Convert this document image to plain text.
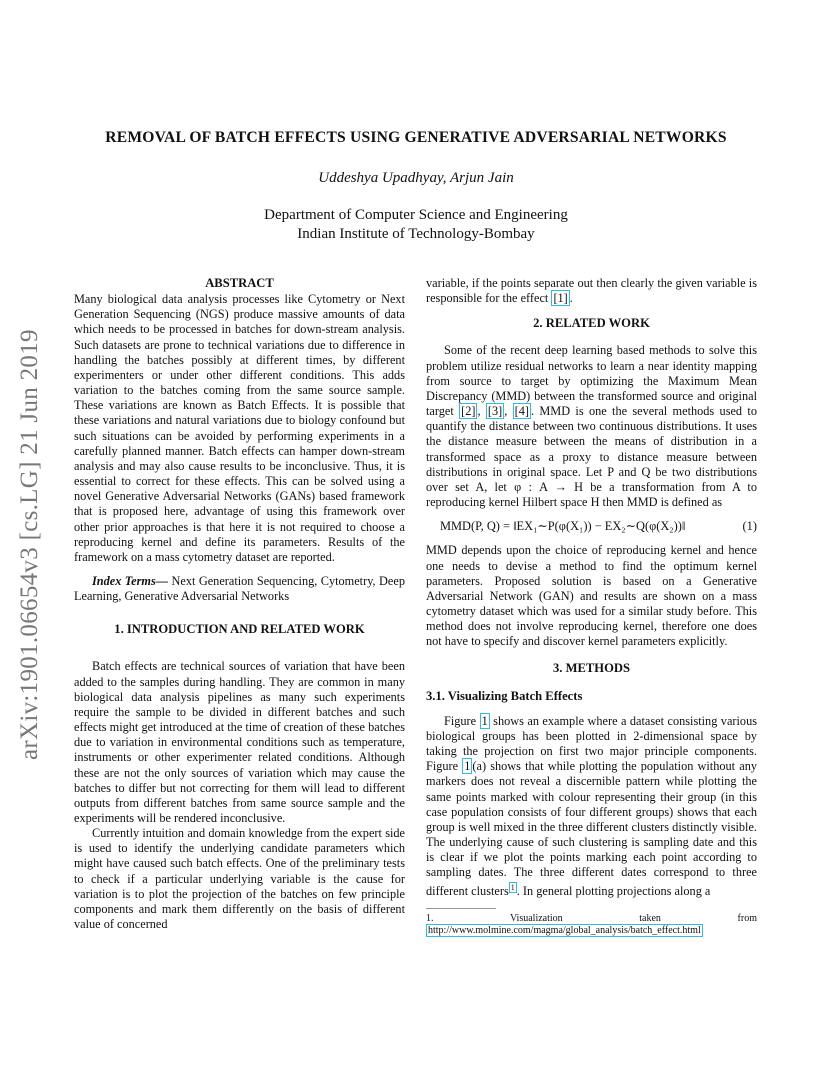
arXiv:1901.06654v3 [cs.LG] 21 Jun 2019
REMOVAL OF BATCH EFFECTS USING GENERATIVE ADVERSARIAL NETWORKS
Uddeshya Upadhyay, Arjun Jain
Department of Computer Science and Engineering
Indian Institute of Technology-Bombay
ABSTRACT

Many biological data analysis processes like Cytometry or Next Generation Sequencing (NGS) produce massive amounts of data which needs to be processed in batches for down-stream analysis. Such datasets are prone to technical variations due to difference in handling the batches possibly at different times, by different experimenters or under other different conditions. This adds variation to the batches coming from the same source sample. These variations are known as Batch Effects. It is possible that these variations and natural variations due to biology confound but such situations can be avoided by performing experiments in a carefully planned manner. Batch effects can hamper down-stream analysis and may also cause results to be inconclusive. Thus, it is essential to correct for these effects. This can be solved using a novel Generative Adversarial Networks (GANs) based framework that is proposed here, advantage of using this framework over other prior approaches is that here it is not required to choose a reproducing kernel and define its parameters. Results of the framework on a mass cytometry dataset are reported.

Index Terms— Next Generation Sequencing, Cytometry, Deep Learning, Generative Adversarial Networks

1. INTRODUCTION AND RELATED WORK

Batch effects are technical sources of variation that have been added to the samples during handling. They are common in many biological data analysis pipelines as many such experiments require the sample to be divided in different batches and such effects might get introduced at the time of creation of these batches due to variation in environmental conditions such as temperature, instruments or other experimenter related conditions. Although these are not the only sources of variation which may cause the batches to differ but not correcting for them will lead to different outputs from different batches from same source sample and the experiments will be rendered inconclusive.

Currently intuition and domain knowledge from the expert side is used to identify the underlying candidate parameters which might have caused such batch effects. One of the preliminary tests to check if a particular underlying variable is the cause for variation is to plot the projection of the batches on few principle components and mark them differently on the basis of different value of concerned

variable, if the points separate out then clearly the given variable is responsible for the effect [1] .

2. RELATED WORK

Some of the recent deep learning based methods to solve this problem utilize residual networks to learn a near identity mapping from source to target by optimizing the Maximum Mean Discrepancy (MMD) between the transformed source and original target [2] , [3] , [4] . MMD is one the several methods used to quantify the distance between two continuous distributions. It uses the distance measure between the means of distribution in a transformed space as a proxy to distance measure between distributions in original space. Let P and Q be two distributions over set A, let φ : A → H be a transformation from A to reproducing kernel Hilbert space H then MMD is defined as

MMD(P, Q) = ‖EX₁∼P(φ(X₁)) − EX₂∼Q(φ(X₂))‖	(1)

MMD depends upon the choice of reproducing kernel and hence one needs to devise a method to find the optimum kernel parameters. Proposed solution is based on a Generative Adversarial Network (GAN) and results are shown on a mass cytometry dataset which was used for a similar study before. This method does not involve reproducing kernel, therefore one does not have to specify and discover kernel parameters explicitly.

3. METHODS
3.1. Visualizing Batch Effects

Figure 1 shows an example where a dataset consisting various biological groups has been plotted in 2-dimensional space by taking the projection on first two major principle components. Figure 1 (a) shows that while plotting the population without any markers does not reveal a discernible pattern while plotting the same points marked with colour representing their group (in this case population consists of four different groups) shows that each group is well mixed in the three different clusters distinctly visible. The underlying cause of such clustering is sampling date and this is clear if we plot the points marking each point according to sampling dates. The three different dates correspond to three different clusters $^1$ . In general plotting projections along a

1. Visualization taken from http://www.molmine.com/magma/global_analysis/batch_effect.html
